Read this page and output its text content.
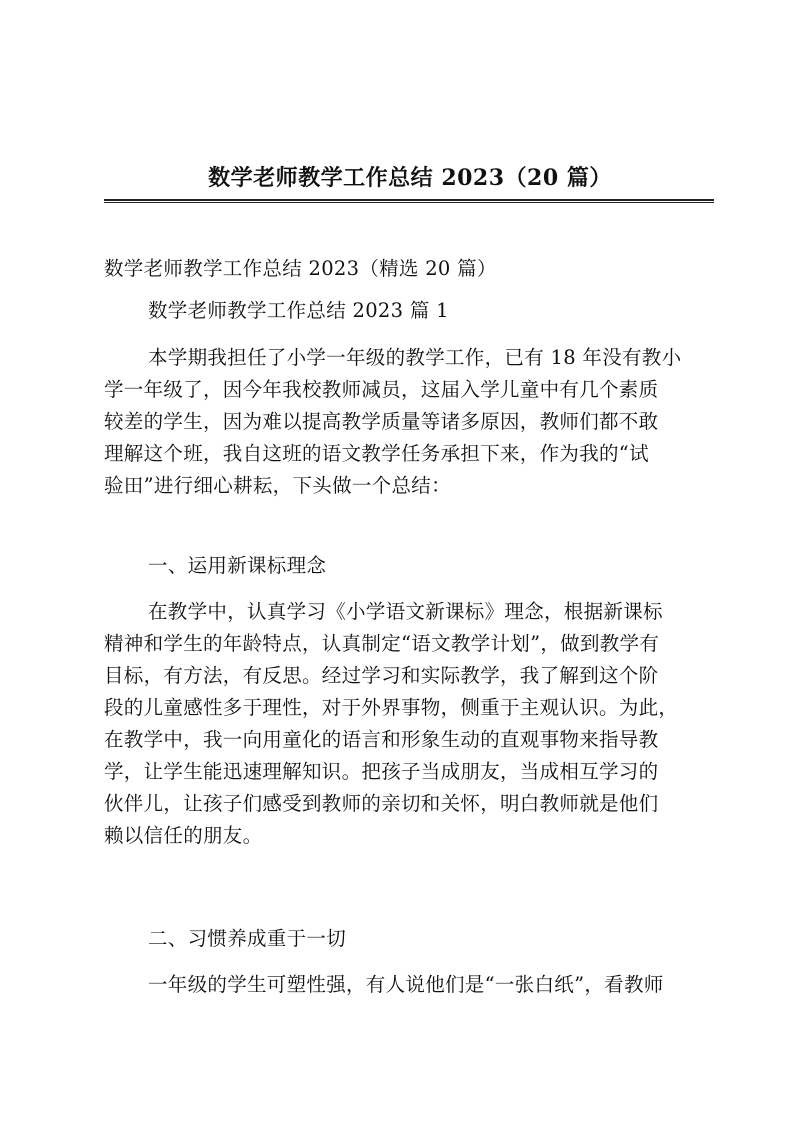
数学老师教学工作总结 2023（20 篇）
数学老师教学工作总结 2023（精选 20 篇）
数学老师教学工作总结 2023 篇 1
本学期我担任了小学一年级的教学工作，已有 18 年没有教小
学一年级了，因今年我校教师减员，这届入学儿童中有几个素质
较差的学生，因为难以提高教学质量等诸多原因，教师们都不敢
理解这个班，我自这班的语文教学任务承担下来，作为我的“试
验田”进行细心耕耘，下头做一个总结：
一、运用新课标理念
在教学中，认真学习《小学语文新课标》理念，根据新课标
精神和学生的年龄特点，认真制定“语文教学计划”，做到教学有
目标，有方法，有反思。经过学习和实际教学，我了解到这个阶
段的儿童感性多于理性，对于外界事物，侧重于主观认识。为此，
在教学中，我一向用童化的语言和形象生动的直观事物来指导教
学，让学生能迅速理解知识。把孩子当成朋友，当成相互学习的
伙伴儿，让孩子们感受到教师的亲切和关怀，明白教师就是他们
赖以信任的朋友。
二、习惯养成重于一切
一年级的学生可塑性强，有人说他们是“一张白纸”，看教师
